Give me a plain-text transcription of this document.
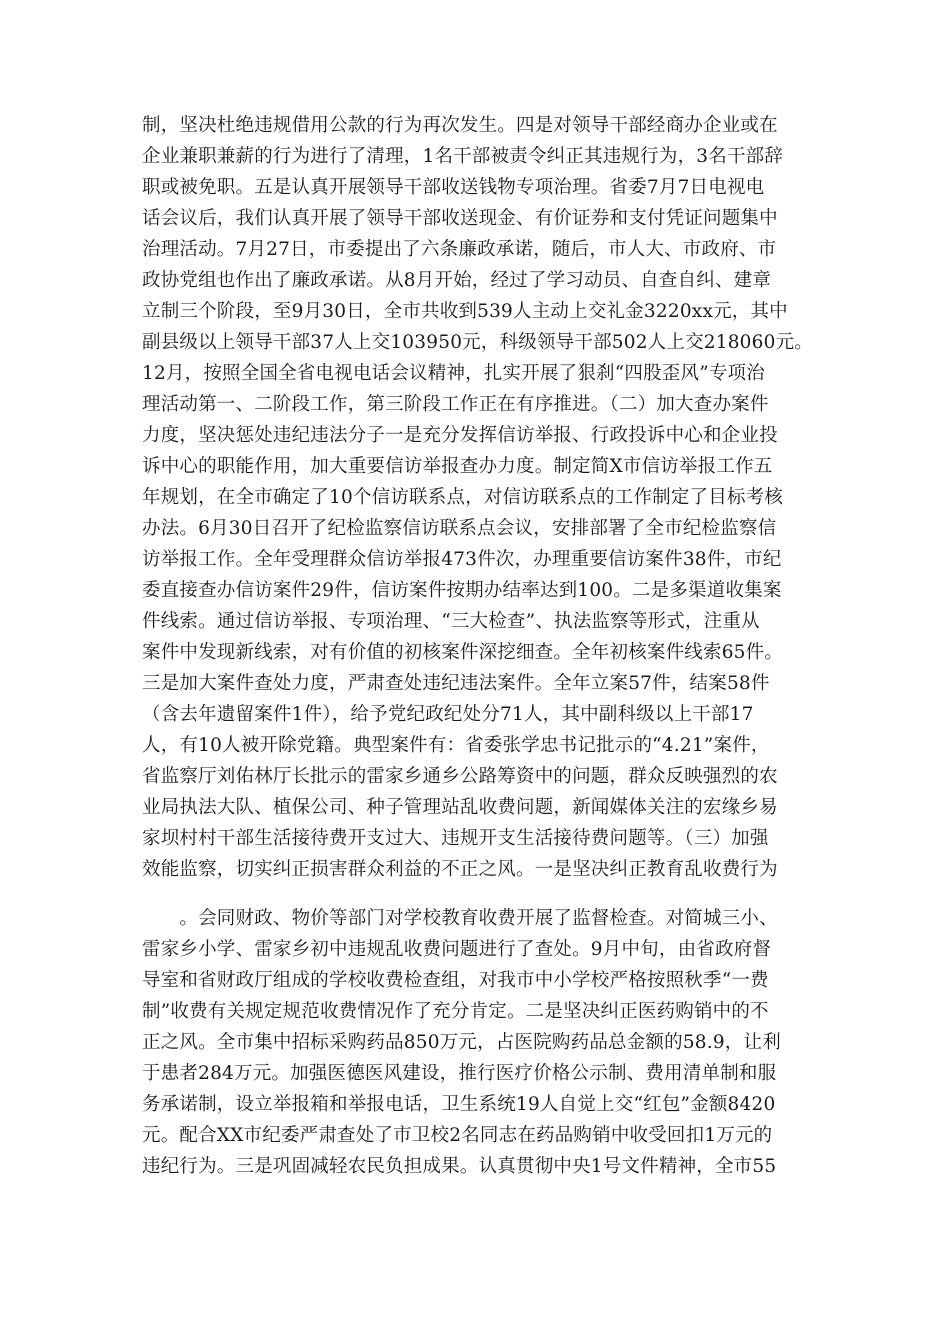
制，坚决杜绝违规借用公款的行为再次发生。四是对领导干部经商办企业或在
企业兼职兼薪的行为进行了清理，1名干部被责令纠正其违规行为，3名干部辞
职或被免职。五是认真开展领导干部收送钱物专项治理。省委7月7日电视电
话会议后，我们认真开展了领导干部收送现金、有价证券和支付凭证问题集中
治理活动。7月27日，市委提出了六条廉政承诺，随后，市人大、市政府、市
政协党组也作出了廉政承诺。从8月开始，经过了学习动员、自查自纠、建章
立制三个阶段，至9月30日，全市共收到539人主动上交礼金3220xx元，其中
副县级以上领导干部37人上交103950元，科级领导干部502人上交218060元。
12月，按照全国全省电视电话会议精神，扎实开展了狠刹“四股歪风”专项治
理活动第一、二阶段工作，第三阶段工作正在有序推进。（二）加大查办案件
力度，坚决惩处违纪违法分子一是充分发挥信访举报、行政投诉中心和企业投
诉中心的职能作用，加大重要信访举报查办力度。制定简X市信访举报工作五
年规划，在全市确定了10个信访联系点，对信访联系点的工作制定了目标考核
办法。6月30日召开了纪检监察信访联系点会议，安排部署了全市纪检监察信
访举报工作。全年受理群众信访举报473件次，办理重要信访案件38件，市纪
委直接查办信访案件29件，信访案件按期办结率达到100。二是多渠道收集案
件线索。通过信访举报、专项治理、“三大检查”、执法监察等形式，注重从
案件中发现新线索，对有价值的初核案件深挖细查。全年初核案件线索65件。
三是加大案件查处力度，严肃查处违纪违法案件。全年立案57件，结案58件
（含去年遗留案件1件），给予党纪政纪处分71人，其中副科级以上干部17
人，有10人被开除党籍。典型案件有：省委张学忠书记批示的“4.21”案件，
省监察厅刘佑林厅长批示的雷家乡通乡公路筹资中的问题，群众反映强烈的农
业局执法大队、植保公司、种子管理站乱收费问题，新闻媒体关注的宏缘乡易
家坝村村干部生活接待费开支过大、违规开支生活接待费问题等。（三）加强
效能监察，切实纠正损害群众利益的不正之风。一是坚决纠正教育乱收费行为
　　。会同财政、物价等部门对学校教育收费开展了监督检查。对简城三小、
雷家乡小学、雷家乡初中违规乱收费问题进行了查处。9月中旬，由省政府督
导室和省财政厅组成的学校收费检查组，对我市中小学校严格按照秋季“一费
制”收费有关规定规范收费情况作了充分肯定。二是坚决纠正医药购销中的不
正之风。全市集中招标采购药品850万元，占医院购药品总金额的58.9，让利
于患者284万元。加强医德医风建设，推行医疗价格公示制、费用清单制和服
务承诺制，设立举报箱和举报电话，卫生系统19人自觉上交“红包”金额8420
元。配合XX市纪委严肃查处了市卫校2名同志在药品购销中收受回扣1万元的
违纪行为。三是巩固减轻农民负担成果。认真贯彻中央1号文件精神，全市55
